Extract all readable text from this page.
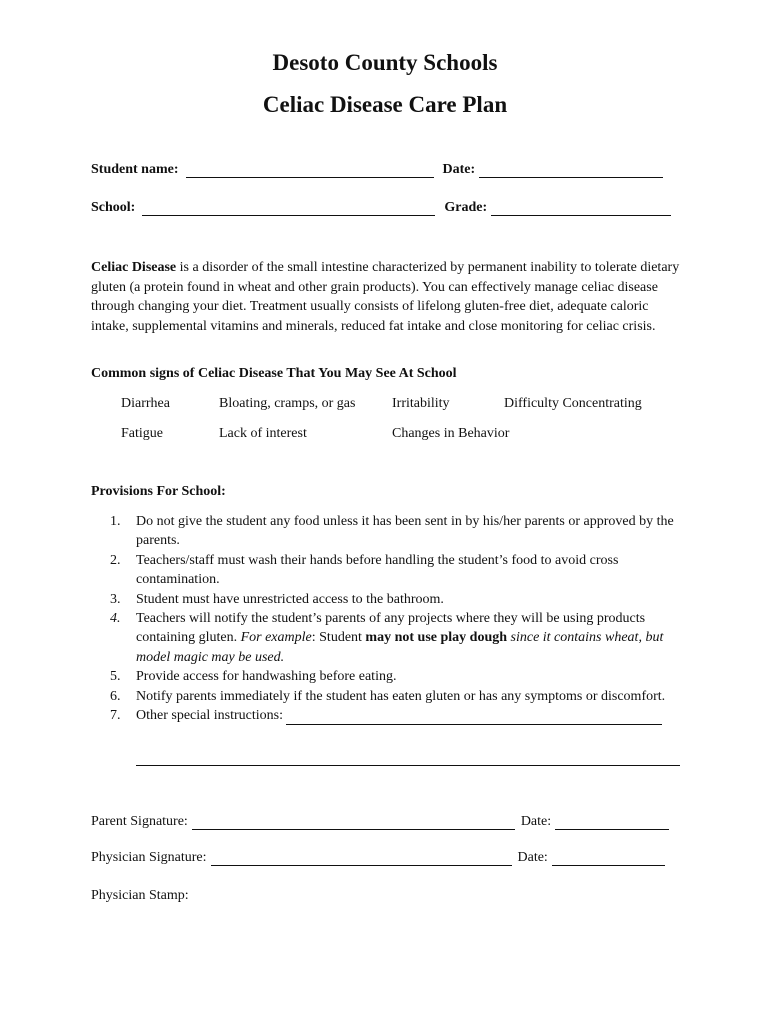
Desoto County Schools
Celiac Disease Care Plan
Student name:	Date:
School:	Grade:
Celiac Disease is a disorder of the small intestine characterized by permanent inability to tolerate dietary gluten (a protein found in wheat and other grain products). You can effectively manage celiac disease through changing your diet. Treatment usually consists of lifelong gluten-free diet, adequate caloric intake, supplemental vitamins and minerals, reduced fat intake and close monitoring for celiac crisis.
Common signs of Celiac Disease That You May See At School
Diarrhea	Bloating, cramps, or gas	Irritability	Difficulty Concentrating
Fatigue	Lack of interest	Changes in Behavior
Provisions For School:
1.	Do not give the student any food unless it has been sent in by his/her parents or approved by the parents.
2.	Teachers/staff must wash their hands before handling the student’s food to avoid cross contamination.
3.	Student must have unrestricted access to the bathroom.
4.	Teachers will notify the student’s parents of any projects where they will be using products containing gluten. For example: Student may not use play dough since it contains wheat, but model magic may be used.
5.	Provide access for handwashing before eating.
6.	Notify parents immediately if the student has eaten gluten or has any symptoms or discomfort.
7.	Other special instructions:
Parent Signature:	Date:
Physician Signature:	Date:
Physician Stamp:
